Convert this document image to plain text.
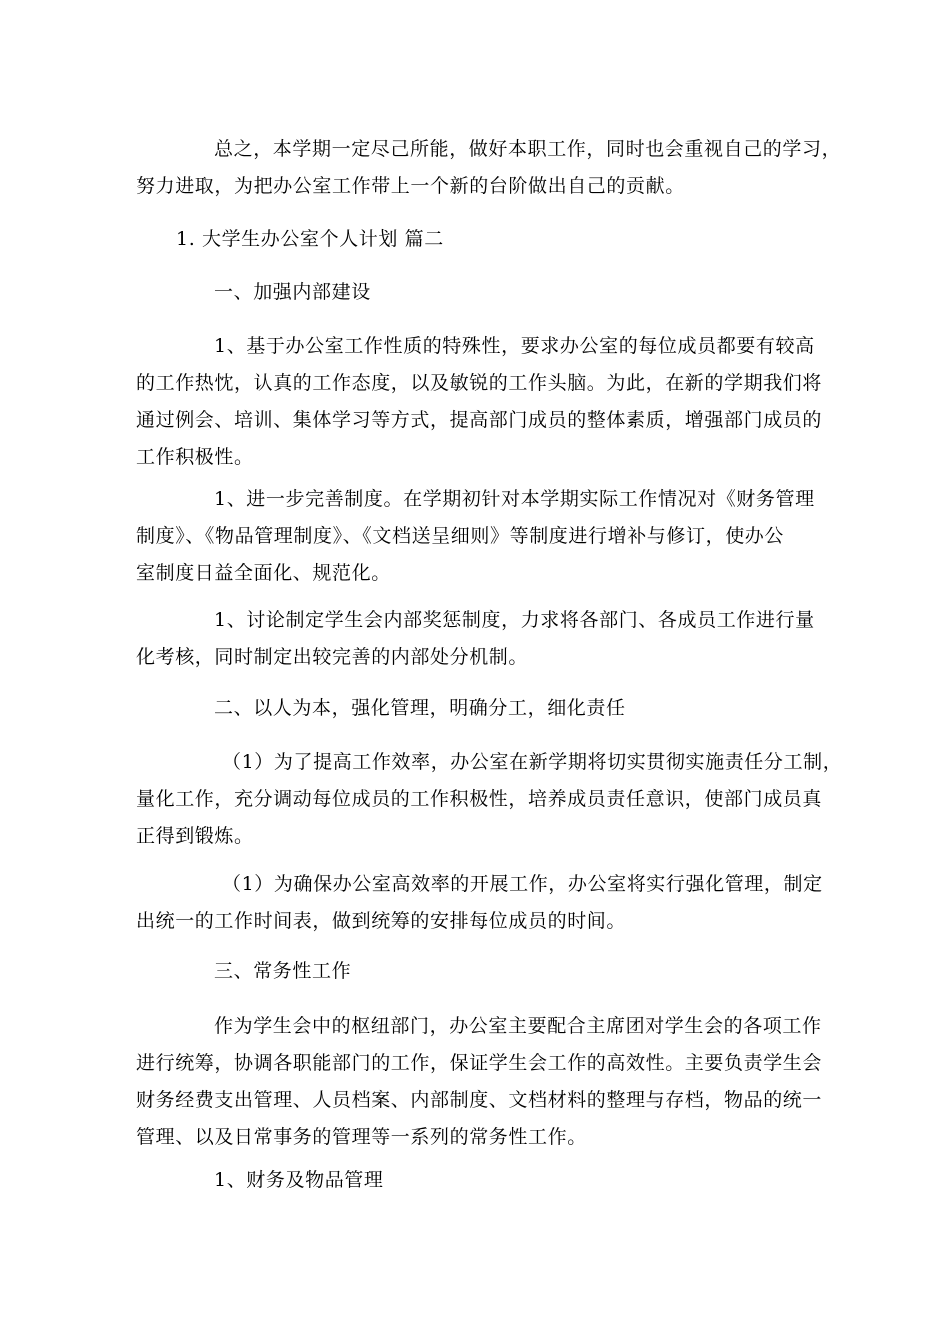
总之，本学期一定尽己所能，做好本职工作，同时也会重视自己的学习，
努力进取，为把办公室工作带上一个新的台阶做出自己的贡献。
1. 大学生办公室个人计划 篇二
一、加强内部建设
1、基于办公室工作性质的特殊性，要求办公室的每位成员都要有较高
的工作热忱，认真的工作态度，以及敏锐的工作头脑。为此，在新的学期我们将
通过例会、培训、集体学习等方式，提高部门成员的整体素质，增强部门成员的
工作积极性。
1、进一步完善制度。在学期初针对本学期实际工作情况对《财务管理
制度》、《物品管理制度》、《文档送呈细则》等制度进行增补与修订，使办公
室制度日益全面化、规范化。
1、讨论制定学生会内部奖惩制度，力求将各部门、各成员工作进行量
化考核，同时制定出较完善的内部处分机制。
二、以人为本，强化管理，明确分工，细化责任
（1）为了提高工作效率，办公室在新学期将切实贯彻实施责任分工制，
量化工作，充分调动每位成员的工作积极性，培养成员责任意识，使部门成员真
正得到锻炼。
（1）为确保办公室高效率的开展工作，办公室将实行强化管理，制定
出统一的工作时间表，做到统筹的安排每位成员的时间。
三、常务性工作
作为学生会中的枢纽部门，办公室主要配合主席团对学生会的各项工作
进行统筹，协调各职能部门的工作，保证学生会工作的高效性。主要负责学生会
财务经费支出管理、人员档案、内部制度、文档材料的整理与存档，物品的统一
管理、以及日常事务的管理等一系列的常务性工作。
1、财务及物品管理
